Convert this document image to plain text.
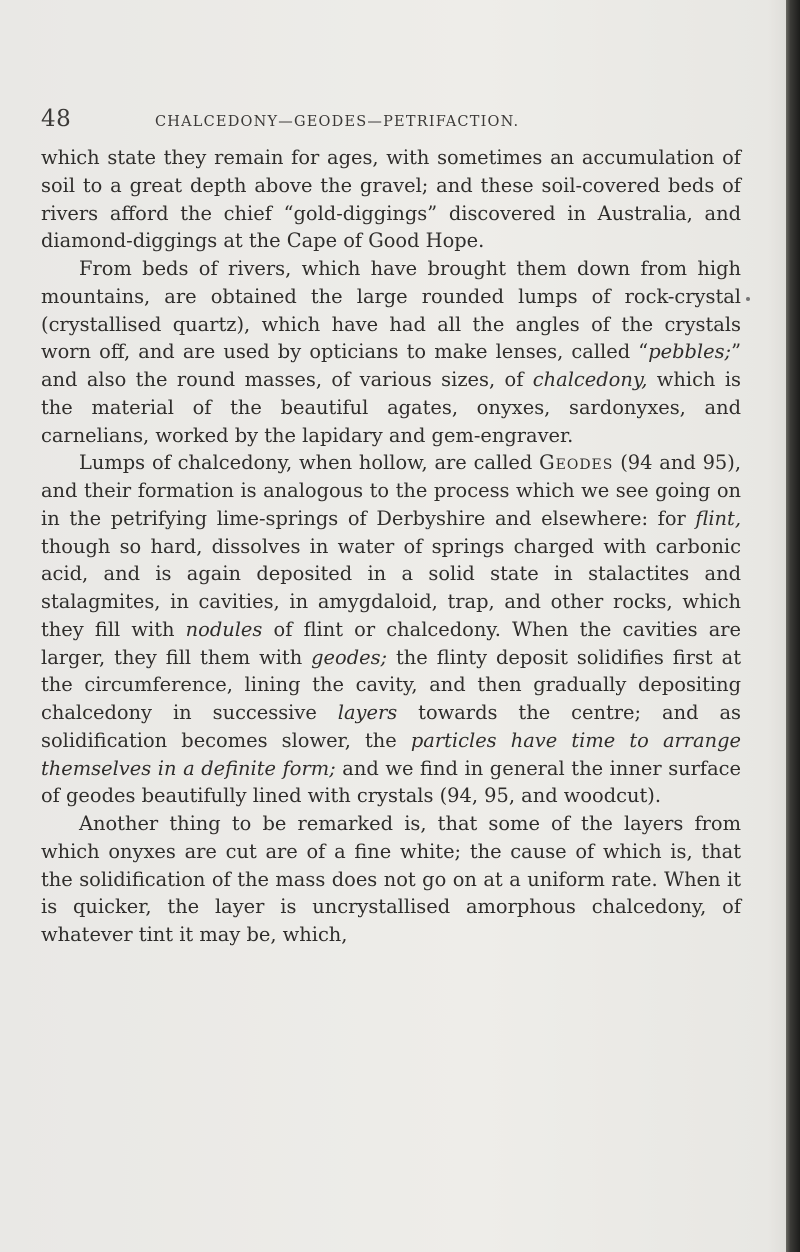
48	CHALCEDONY—GEODES—PETRIFACTION.

which state they remain for ages, with sometimes an accumulation of soil to a great depth above the gravel; and these soil-covered beds of rivers afford the chief “gold-diggings” discovered in Australia, and diamond-diggings at the Cape of Good Hope.

From beds of rivers, which have brought them down from high mountains, are obtained the large rounded lumps of rock-crystal (crystallised quartz), which have had all the angles of the crystals worn off, and are used by opticians to make lenses, called “pebbles;” and also the round masses, of various sizes, of chalcedony, which is the material of the beautiful agates, onyxes, sardonyxes, and carnelians, worked by the lapidary and gem-engraver.

Lumps of chalcedony, when hollow, are called Geodes (94 and 95), and their formation is analogous to the process which we see going on in the petrifying lime-springs of Derbyshire and elsewhere: for flint, though so hard, dissolves in water of springs charged with carbonic acid, and is again deposited in a solid state in stalactites and stalagmites, in cavities, in amygdaloid, trap, and other rocks, which they fill with nodules of flint or chalcedony. When the cavities are larger, they fill them with geodes; the flinty deposit solidifies first at the circumference, lining the cavity, and then gradually depositing chalcedony in successive layers towards the centre; and as solidification becomes slower, the particles have time to arrange themselves in a definite form; and we find in general the inner surface of geodes beautifully lined with crystals (94, 95, and woodcut).

Another thing to be remarked is, that some of the layers from which onyxes are cut are of a fine white; the cause of which is, that the solidification of the mass does not go on at a uniform rate. When it is quicker, the layer is uncrystallised amorphous chalcedony, of whatever tint it may be, which,
